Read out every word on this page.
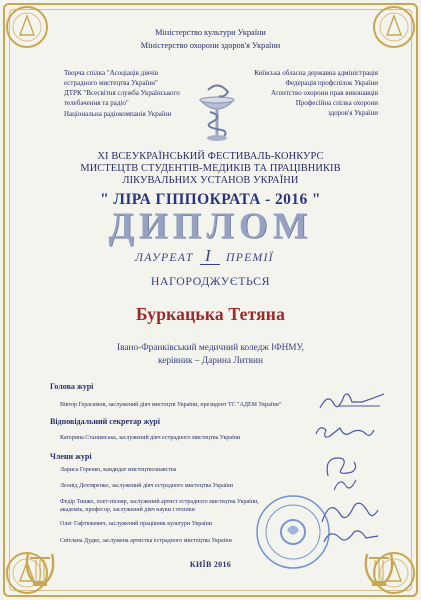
Міністерство культури України

Міністерство охорони здоров'я України

Творча спілка "Асоціація діячів

естрадного мистецтва України"

ДТРК "Всесвітня служба Українського

телебачення та радіо"

Національна радіокомпанія України

Київська обласна державна адміністрація

Федерація профспілок України

Агентство охорони прав виконавців

Професійна спілка охорони

здоров'я України

XI ВСЕУКРАЇНСЬКИЙ ФЕСТИВАЛЬ-КОНКУРС

МИСТЕЦТВ СТУДЕНТІВ-МЕДИКІВ ТА ПРАЦІВНИКІВ

ЛІКУВАЛЬНИХ УСТАНОВ УКРАЇНИ

" ЛІРА ГІППОКРАТА - 2016 "

ДИПЛОМ

ЛАУРЕАТ I ПРЕМІЇ

НАГОРОДЖУЄТЬСЯ

Буркацька Тетяна

Івано-Франківський медичний коледж ІФНМУ,

керівник – Дарина Литвин

Голова журі

Віктор Герасимов, заслужений діяч мистецтв України, президент ТС "АДЕМ України"

Відповідальний секретар журі

Катерина Станимська, заслужений діяч естрадного мистецтва України

Члени журі

Лариса Горенко, кандидат мистецтвознавства

Леонід Дехтяренко, заслужений діяч естрадного мистецтва України

Федір Тишко, поет-пісняр, заслужений артист естрадного мистецтва України,

академік, професор, заслужений діяч науки і техніки

Олег Гафтюкевич, заслужений працівник культури України

Світлана Дудко, заслужена артистка естрадного мистецтва України

КИЇВ 2016
